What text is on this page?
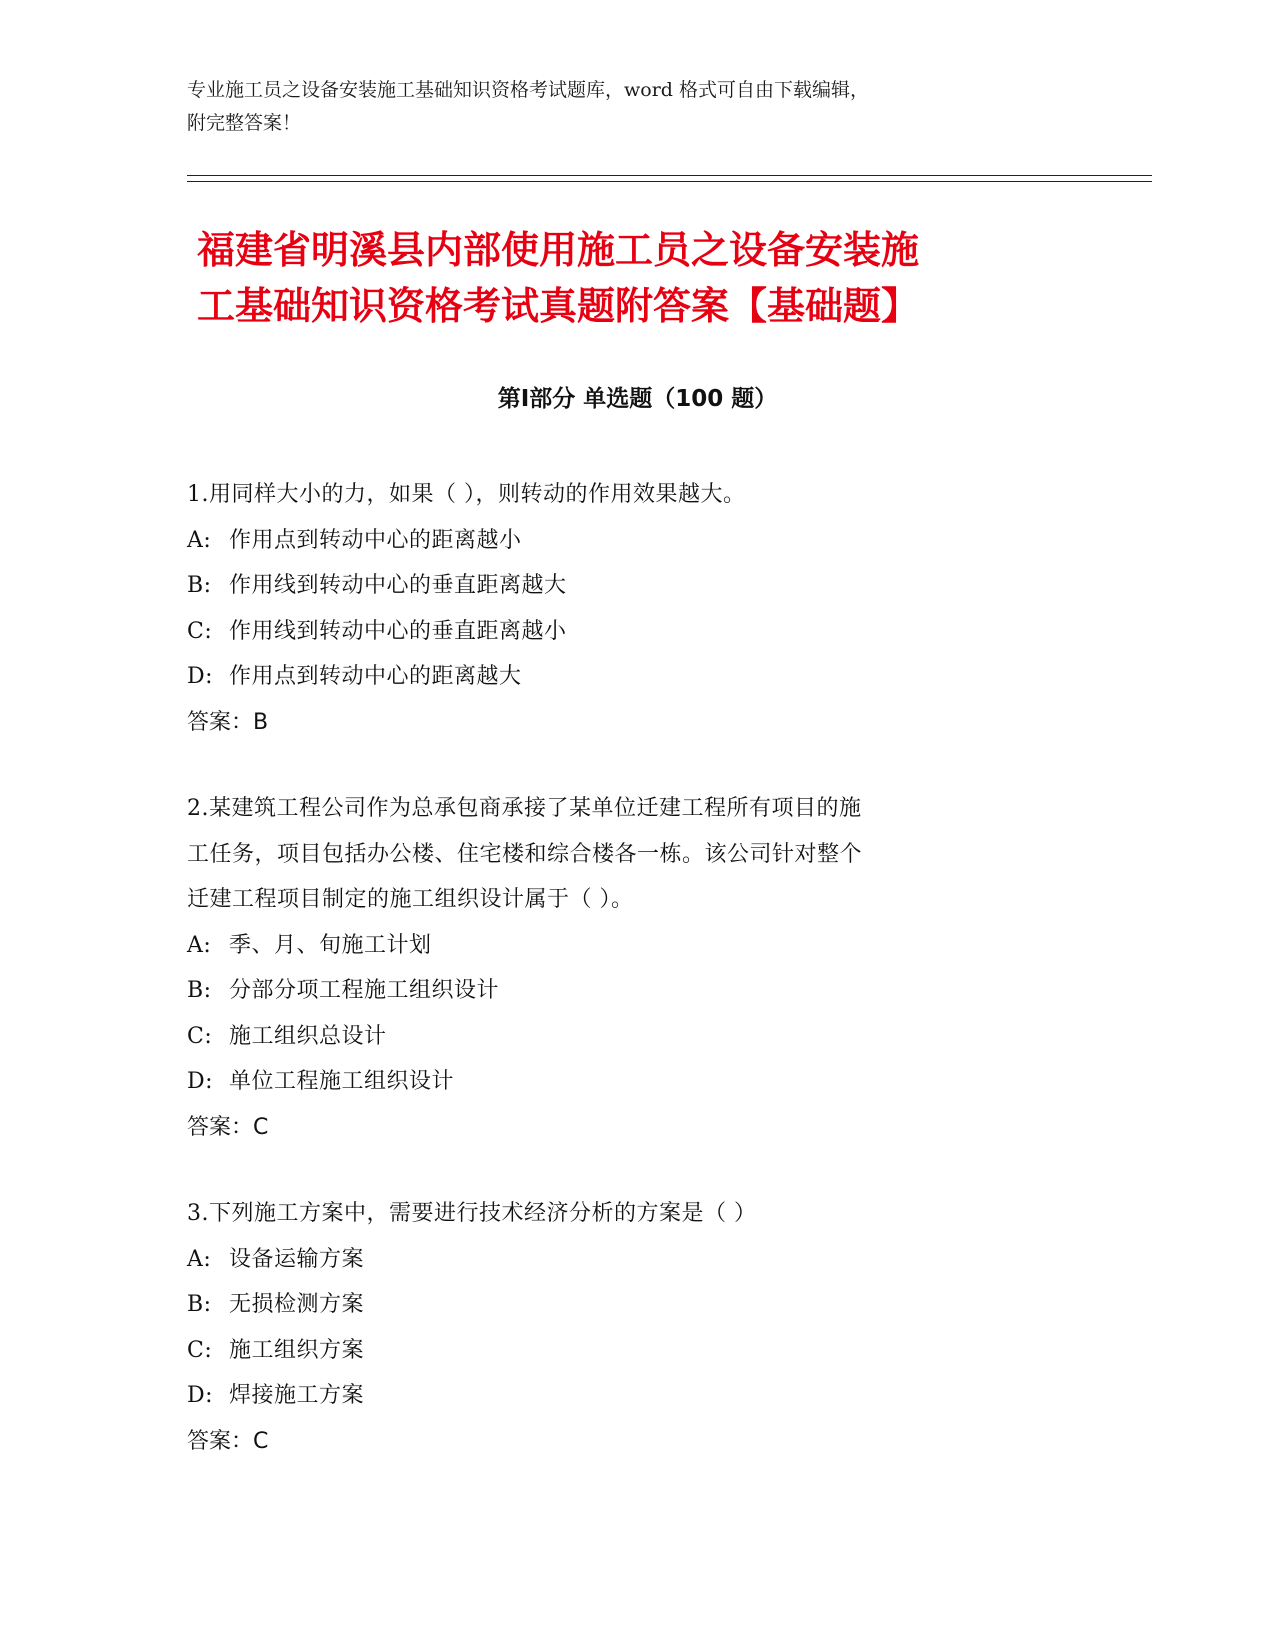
专业施工员之设备安装施工基础知识资格考试题库，word 格式可自由下载编辑，
附完整答案！
福建省明溪县内部使用施工员之设备安装施
工基础知识资格考试真题附答案【基础题】
第Ⅰ部分 单选题（100 题）
1.用同样大小的力，如果（ ），则转动的作用效果越大。
A: 作用点到转动中心的距离越小
B: 作用线到转动中心的垂直距离越大
C: 作用线到转动中心的垂直距离越小
D: 作用点到转动中心的距离越大
答案：B
2.某建筑工程公司作为总承包商承接了某单位迁建工程所有项目的施
工任务，项目包括办公楼、住宅楼和综合楼各一栋。该公司针对整个
迁建工程项目制定的施工组织设计属于（ ）。
A: 季、月、旬施工计划
B: 分部分项工程施工组织设计
C: 施工组织总设计
D: 单位工程施工组织设计
答案：C
3.下列施工方案中，需要进行技术经济分析的方案是（ ）
A: 设备运输方案
B: 无损检测方案
C: 施工组织方案
D: 焊接施工方案
答案：C
